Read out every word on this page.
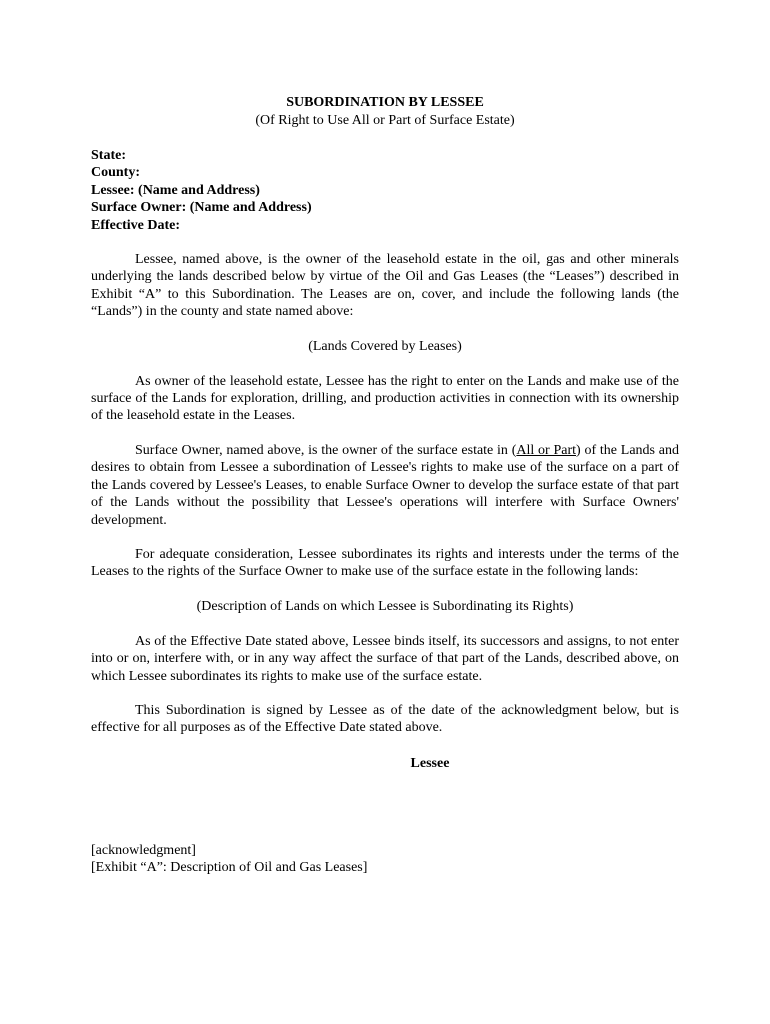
SUBORDINATION BY LESSEE
(Of Right to Use All or Part of Surface Estate)
State:
County:
Lessee: (Name and Address)
Surface Owner: (Name and Address)
Effective Date:
Lessee, named above, is the owner of the leasehold estate in the oil, gas and other minerals underlying the lands described below by virtue of the Oil and Gas Leases (the “Leases”) described in Exhibit “A” to this Subordination. The Leases are on, cover, and include the following lands (the “Lands”) in the county and state named above:
(Lands Covered by Leases)
As owner of the leasehold estate, Lessee has the right to enter on the Lands and make use of the surface of the Lands for exploration, drilling, and production activities in connection with its ownership of the leasehold estate in the Leases.
Surface Owner, named above, is the owner of the surface estate in (All or Part) of the Lands and desires to obtain from Lessee a subordination of Lessee's rights to make use of the surface on a part of the Lands covered by Lessee's Leases, to enable Surface Owner to develop the surface estate of that part of the Lands without the possibility that Lessee's operations will interfere with Surface Owners' development.
For adequate consideration, Lessee subordinates its rights and interests under the terms of the Leases to the rights of the Surface Owner to make use of the surface estate in the following lands:
(Description of Lands on which Lessee is Subordinating its Rights)
As of the Effective Date stated above, Lessee binds itself, its successors and assigns, to not enter into or on, interfere with, or in any way affect the surface of that part of the Lands, described above, on which Lessee subordinates its rights to make use of the surface estate.
This Subordination is signed by Lessee as of the date of the acknowledgment below, but is effective for all purposes as of the Effective Date stated above.
Lessee
[acknowledgment]
[Exhibit “A”: Description of Oil and Gas Leases]
